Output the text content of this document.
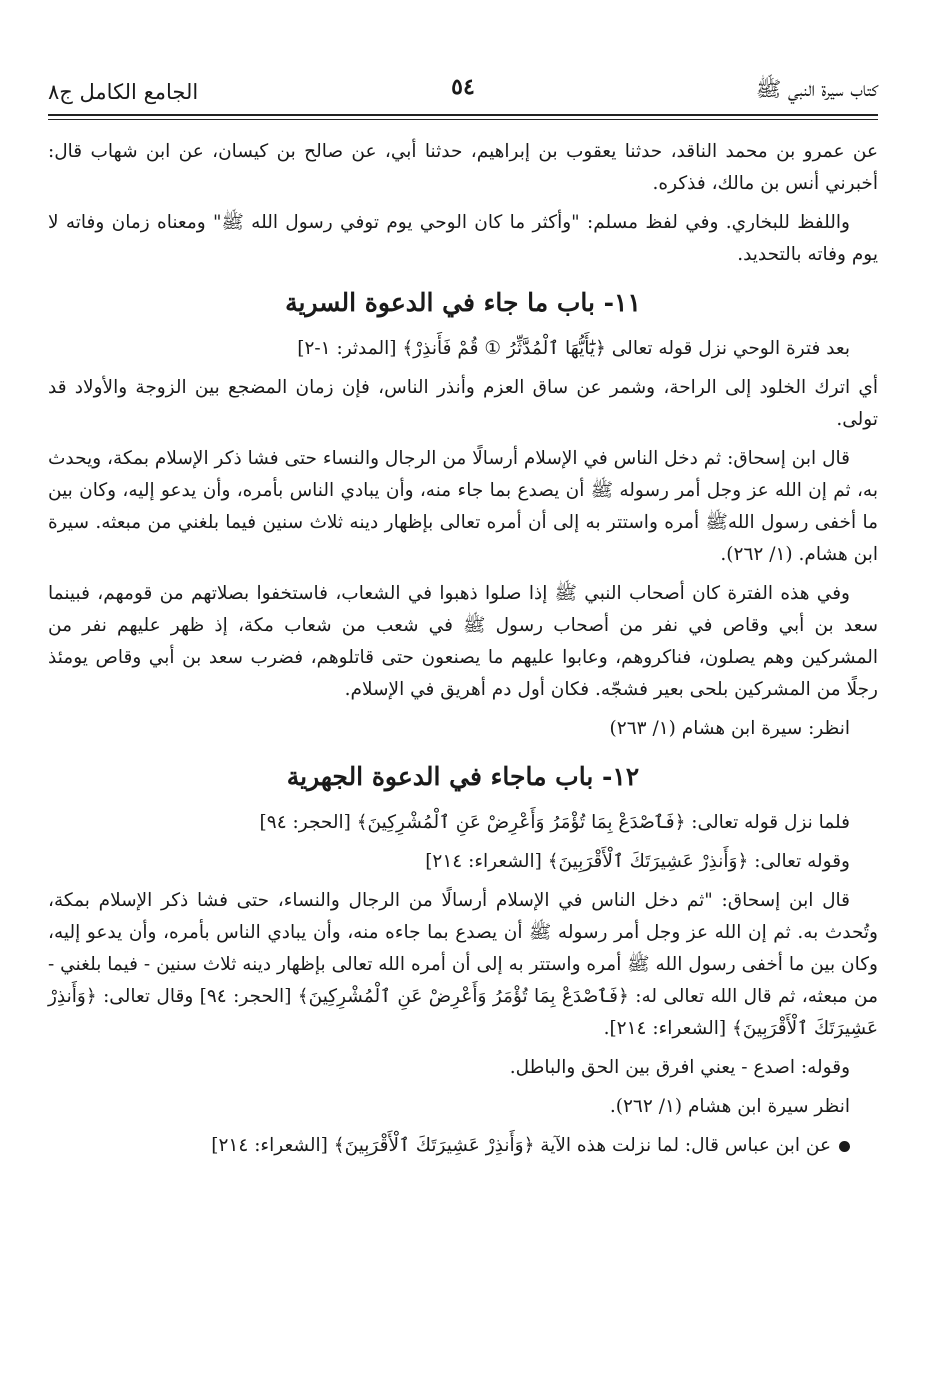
كتاب سيرة النبي ﷺ
٥٤
الجامع الكامل ج٨

عن عمرو بن محمد الناقد، حدثنا يعقوب بن إبراهيم، حدثنا أبي، عن صالح بن كيسان، عن ابن شهاب قال: أخبرني أنس بن مالك، فذكره.

واللفظ للبخاري. وفي لفظ مسلم: "وأكثر ما كان الوحي يوم توفي رسول الله ﷺ" ومعناه زمان وفاته لا يوم وفاته بالتحديد.

١١- باب ما جاء في الدعوة السرية

بعد فترة الوحي نزل قوله تعالى ﴿يَٰٓأَيُّهَا ٱلْمُدَّثِّرُ ① قُمْ فَأَنذِرْ﴾ [المدثر: ١-٢]

أي اترك الخلود إلى الراحة، وشمر عن ساق العزم وأنذر الناس، فإن زمان المضجع بين الزوجة والأولاد قد تولى.

قال ابن إسحاق: ثم دخل الناس في الإسلام أرسالًا من الرجال والنساء حتى فشا ذكر الإسلام بمكة، ويحدث به، ثم إن الله عز وجل أمر رسوله ﷺ أن يصدع بما جاء منه، وأن يبادي الناس بأمره، وأن يدعو إليه، وكان بين ما أخفى رسول اللهﷺ أمره واستتر به إلى أن أمره تعالى بإظهار دينه ثلاث سنين فيما بلغني من مبعثه. سيرة ابن هشام. (١/ ٢٦٢).

وفي هذه الفترة كان أصحاب النبي ﷺ إذا صلوا ذهبوا في الشعاب، فاستخفوا بصلاتهم من قومهم، فبينما سعد بن أبي وقاص في نفر من أصحاب رسول ﷺ في شعب من شعاب مكة، إذ ظهر عليهم نفر من المشركين وهم يصلون، فناكروهم، وعابوا عليهم ما يصنعون حتى قاتلوهم، فضرب سعد بن أبي وقاص يومئذ رجلًا من المشركين بلحى بعير فشجّه. فكان أول دم أهريق في الإسلام.

انظر: سيرة ابن هشام (١/ ٢٦٣)

١٢- باب ماجاء في الدعوة الجهرية

فلما نزل قوله تعالى: ﴿فَٱصْدَعْ بِمَا تُؤْمَرُ وَأَعْرِضْ عَنِ ٱلْمُشْرِكِينَ﴾ [الحجر: ٩٤]

وقوله تعالى: ﴿وَأَنذِرْ عَشِيرَتَكَ ٱلْأَقْرَبِينَ﴾ [الشعراء: ٢١٤]

قال ابن إسحاق: "ثم دخل الناس في الإسلام أرسالًا من الرجال والنساء، حتى فشا ذكر الإسلام بمكة، وتُحدث به. ثم إن الله عز وجل أمر رسوله ﷺ أن يصدع بما جاءه منه، وأن يبادي الناس بأمره، وأن يدعو إليه، وكان بين ما أخفى رسول الله ﷺ أمره واستتر به إلى أن أمره الله تعالى بإظهار دينه ثلاث سنين - فيما بلغني - من مبعثه، ثم قال الله تعالى له: ﴿فَٱصْدَعْ بِمَا تُؤْمَرُ وَأَعْرِضْ عَنِ ٱلْمُشْرِكِينَ﴾ [الحجر: ٩٤] وقال تعالى: ﴿وَأَنذِرْ عَشِيرَتَكَ ٱلْأَقْرَبِينَ﴾ [الشعراء: ٢١٤].

وقوله: اصدع - يعني افرق بين الحق والباطل.

انظر سيرة ابن هشام (١/ ٢٦٢).

عن ابن عباس قال: لما نزلت هذه الآية ﴿وَأَنذِرْ عَشِيرَتَكَ ٱلْأَقْرَبِينَ﴾ [الشعراء: ٢١٤]
